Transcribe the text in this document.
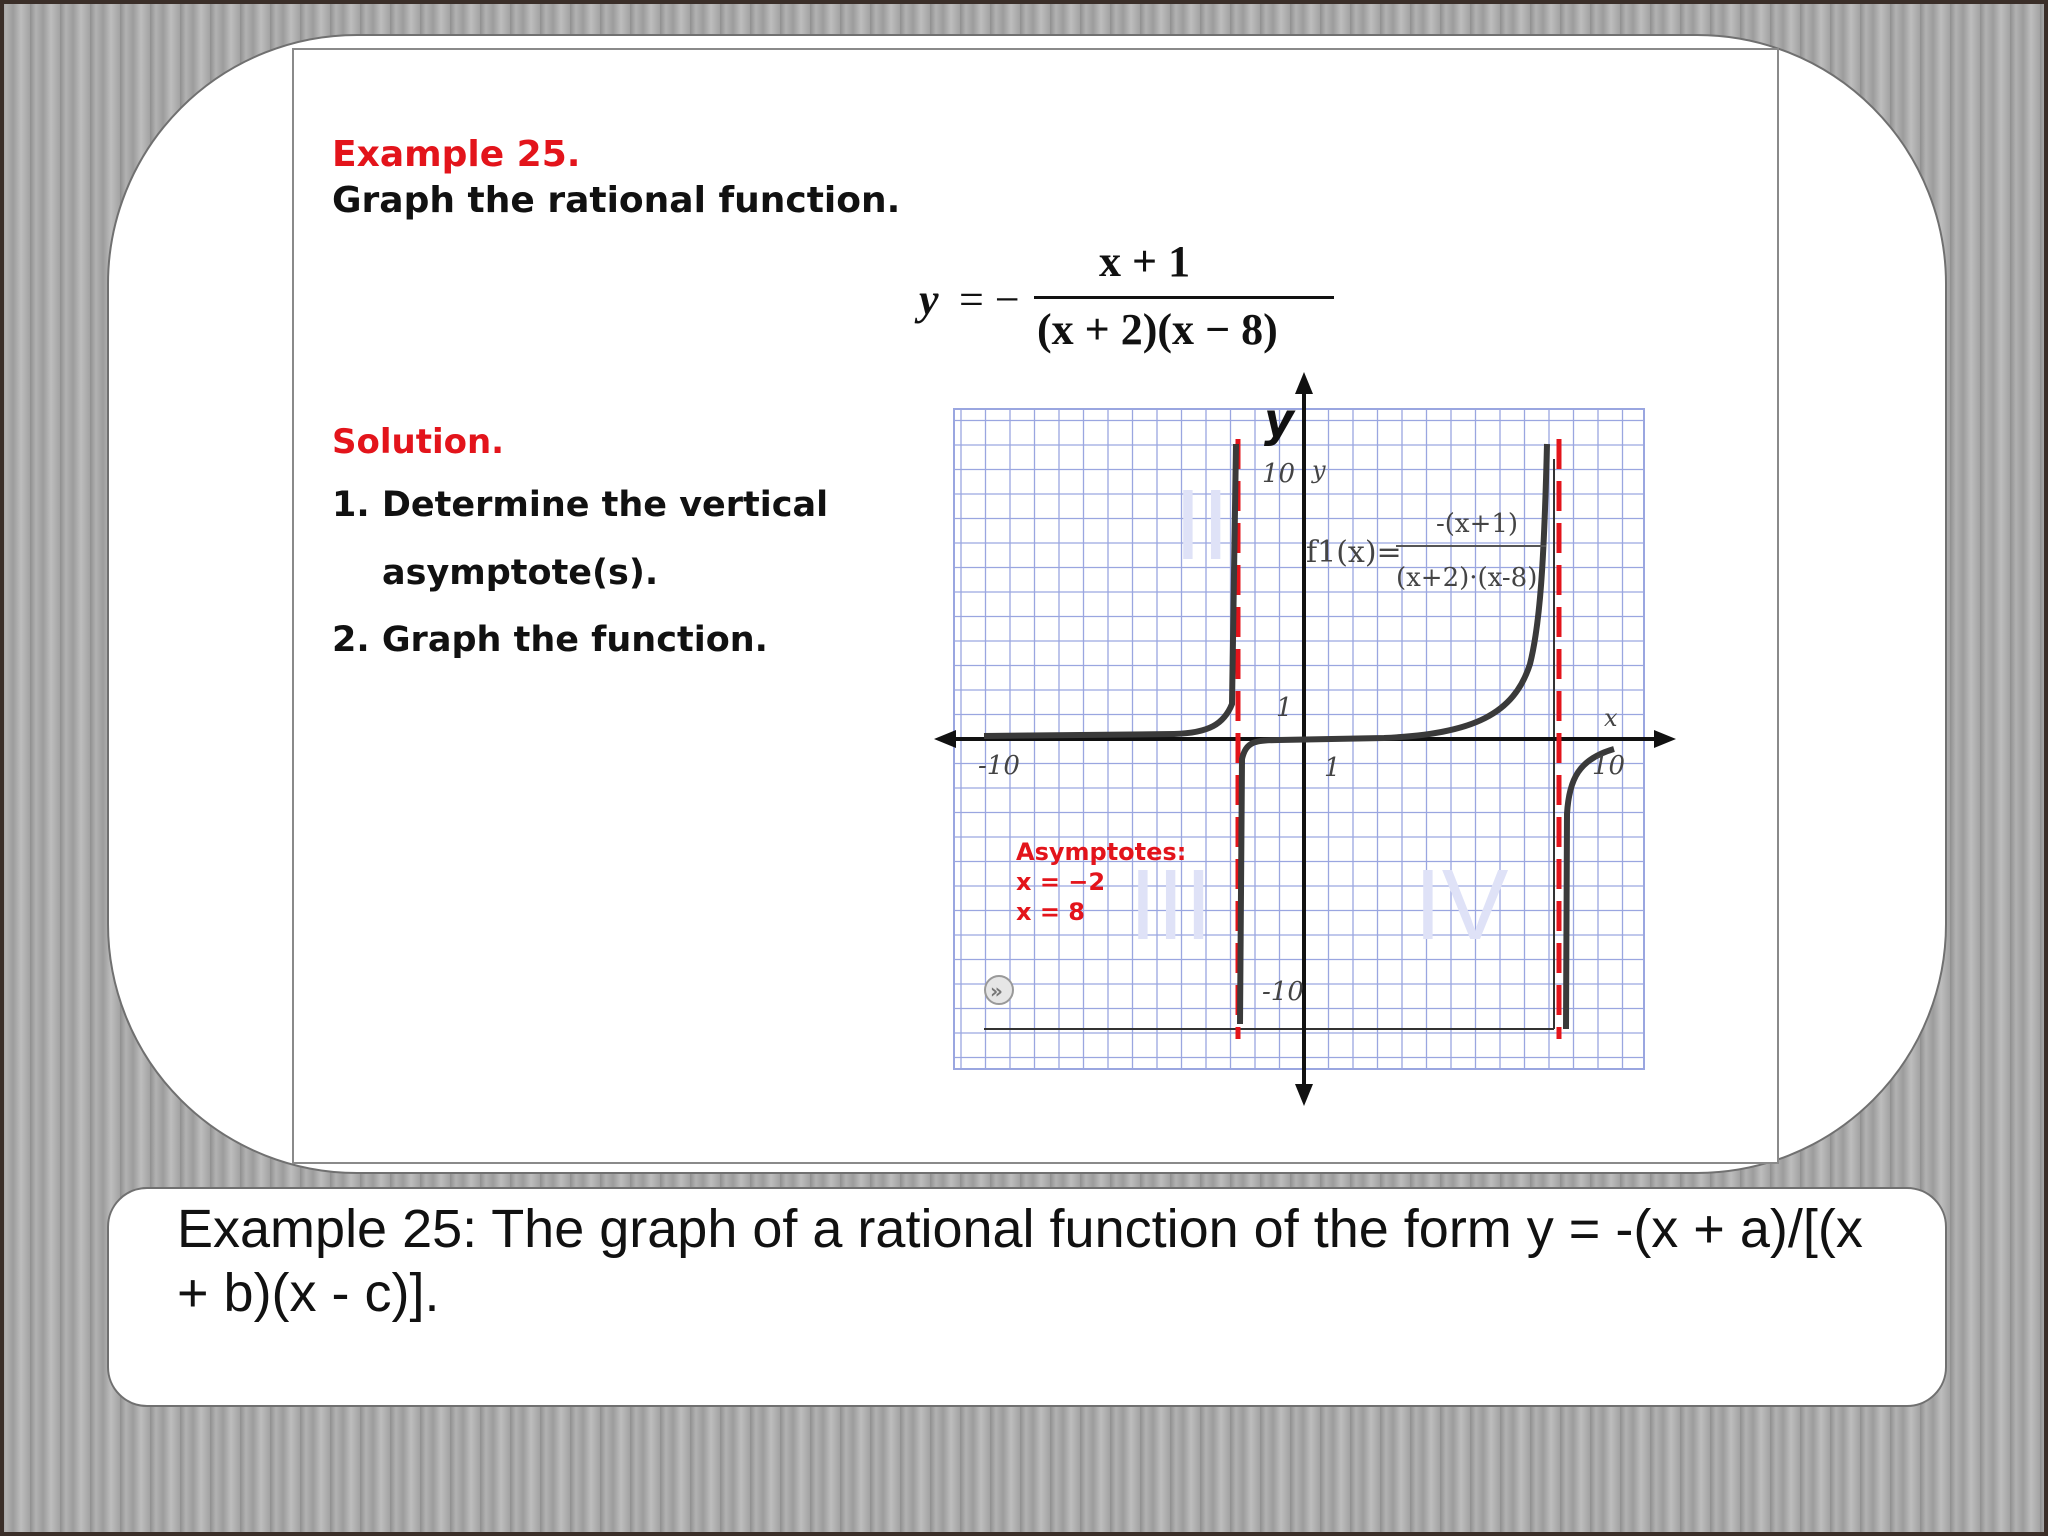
Example 25.
Graph the rational function.
y = −
x + 1
(x + 2)(x − 8)
Solution.
1. Determine the vertical
asymptote(s).
2. Graph the function.
II
III IV
y
10 y
1
-10
-10	1	10
x
f1(x)=
-(x+1)
(x+2)·(x-8)
Asymptotes:
x = −2
x = 8
»
Example 25: The graph of a rational function of the form y = -(x + a)/[(x + b)(x - c)].
